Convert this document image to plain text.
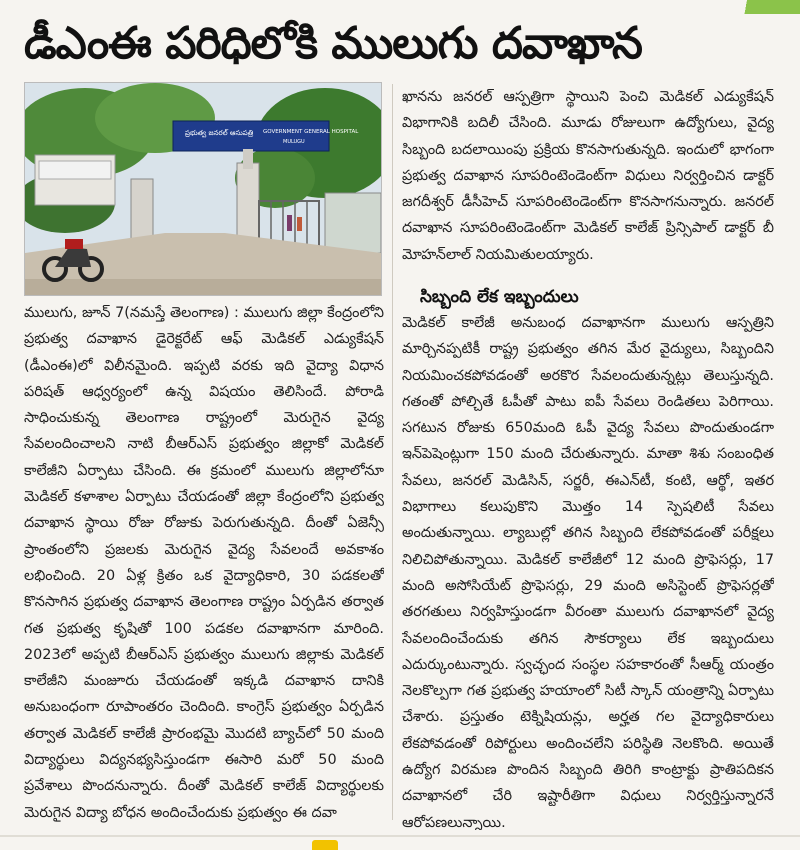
డీఎంఈ పరిధిలోకి ములుగు దవాఖాన
ప్రభుత్వ జనరల్ ఆసుపత్రి GOVERNMENT GENERAL HOSPITAL
MULUGU

ములుగు, జూన్ 7(నమస్తే తెలంగాణ) : ములుగు జిల్లా కేంద్రంలోని ప్రభుత్వ దవాఖాన డైరెక్టరేట్ ఆఫ్ మెడికల్ ఎడ్యుకేషన్ (డీఎంఈ)లో విలీనమైంది. ఇప్పటి వరకు ఇది వైద్యా విధాన పరిషత్ ఆధ్వర్యంలో ఉన్న విషయం తెలిసిందే. పోరాడి సాధించుకున్న తెలంగాణ రాష్ట్రంలో మెరుగైన వైద్య సేవలందించాలని నాటి బీఆర్ఎస్ ప్రభుత్వం జిల్లాకో మెడికల్ కాలేజీని ఏర్పాటు చేసింది. ఈ క్రమంలో ములుగు జిల్లాలోనూ మెడికల్ కళాశాల ఏర్పాటు చేయడంతో జిల్లా కేంద్రంలోని ప్రభుత్వ దవాఖాన స్థాయి రోజు రోజుకు పెరుగుతున్నది. దీంతో ఏజెన్సీ ప్రాంతంలోని ప్రజలకు మెరుగైన వైద్య సేవలందే అవకాశం లభించింది. 20 ఏళ్ల క్రితం ఒక వైద్యాధికారి, 30 పడకలతో కొనసాగిన ప్రభుత్వ దవాఖాన తెలంగాణ రాష్ట్రం ఏర్పడిన తర్వాత గత ప్రభుత్వ కృషితో 100 పడకల దవాఖానగా మారింది. 2023లో అప్పటి బీఆర్ఎస్ ప్రభుత్వం ములుగు జిల్లాకు మెడికల్ కాలేజీని మంజూరు చేయడంతో ఇక్కడి దవాఖాన దానికి అనుబంధంగా రూపాంతరం చెందింది. కాంగ్రెస్ ప్రభుత్వం ఏర్పడిన తర్వాత మెడికల్ కాలేజీ ప్రారంభమై మొదటి బ్యాచ్‌లో 50 మంది విద్యార్థులు విద్యనభ్యసిస్తుండగా ఈసారి మరో 50 మంది ప్రవేశాలు పొందనున్నారు. దీంతో మెడికల్ కాలేజ్ విద్యార్థులకు మెరుగైన విద్యా బోధన అందించేందుకు ప్రభుత్వం ఈ దవా

ఖానను జనరల్ ఆస్పత్రిగా స్థాయిని పెంచి మెడికల్ ఎడ్యుకేషన్ విభాగానికి బదిలీ చేసింది. మూడు రోజులుగా ఉద్యోగులు, వైద్య సిబ్బంది బదలాయింపు ప్రక్రియ కొనసాగుతున్నది. ఇందులో భాగంగా ప్రభుత్వ దవాఖాన సూపరింటెండెంట్‌గా విధులు నిర్వర్తించిన డాక్టర్ జగదీశ్వర్ డీసీహెచ్ సూపరింటెండెంట్‌గా కొనసాగనున్నారు. జనరల్ దవాఖాన సూపరింటెండెంట్‌గా మెడికల్ కాలేజ్ ప్రిన్సిపాల్ డాక్టర్ బీ మోహన్‌లాల్ నియమితులయ్యారు.

సిబ్బంది లేక ఇబ్బందులు

మెడికల్ కాలేజీ అనుబంధ దవాఖానగా ములుగు ఆస్పత్రిని మార్చినప్పటికీ రాష్ట్ర ప్రభుత్వం తగిన మేర వైద్యులు, సిబ్బందిని నియమించకపోవడంతో అరకొర సేవలందుతున్నట్లు తెలుస్తున్నది. గతంతో పోల్చితే ఓపీతో పాటు ఐపీ సేవలు రెండితలు పెరిగాయి. సగటున రోజుకు 650మంది ఓపీ వైద్య సేవలు పొందుతుండగా ఇన్‌పెషెంట్లుగా 150 మంది చేరుతున్నారు. మాతా శిశు సంబంధిత సేవలు, జనరల్ మెడిసిన్, సర్జరీ, ఈఎన్‌టీ, కంటి, ఆర్థో, ఇతర విభాగాలు కలుపుకొని మొత్తం 14 స్పెషలిటీ సేవలు అందుతున్నాయి. ల్యాబుల్లో తగిన సిబ్బంది లేకపోవడంతో పరీక్షలు నిలిచిపోతున్నాయి. మెడికల్ కాలేజీలో 12 మంది ప్రొఫెసర్లు, 17 మంది అసోసియేట్ ప్రొఫెసర్లు, 29 మంది అసిస్టెంట్ ప్రొఫెసర్లతో తరగతులు నిర్వహిస్తుండగా వీరంతా ములుగు దవాఖానలో వైద్య సేవలందించేందుకు తగిన సౌకర్యాలు లేక ఇబ్బందులు ఎదుర్కుంటున్నారు. స్వచ్ఛంద సంస్థల సహకారంతో సీఆర్మ్ యంత్రం నెలకొల్పగా గత ప్రభుత్వ హయాంలో సిటీ స్కాన్ యంత్రాన్ని ఏర్పాటు చేశారు. ప్రస్తుతం టెక్నిషియన్లు, అర్హత గల వైద్యాధికారులు లేకపోవడంతో రిపోర్టులు అందించలేని పరిస్థితి నెలకొంది. అయితే ఉద్యోగ విరమణ పొందిన సిబ్బంది తిరిగి కాంట్రాక్టు ప్రాతిపదికన దవాఖానలో చేరి ఇష్టారీతిగా విధులు నిర్వర్తిస్తున్నారనే ఆరోపణలున్నాయి.
